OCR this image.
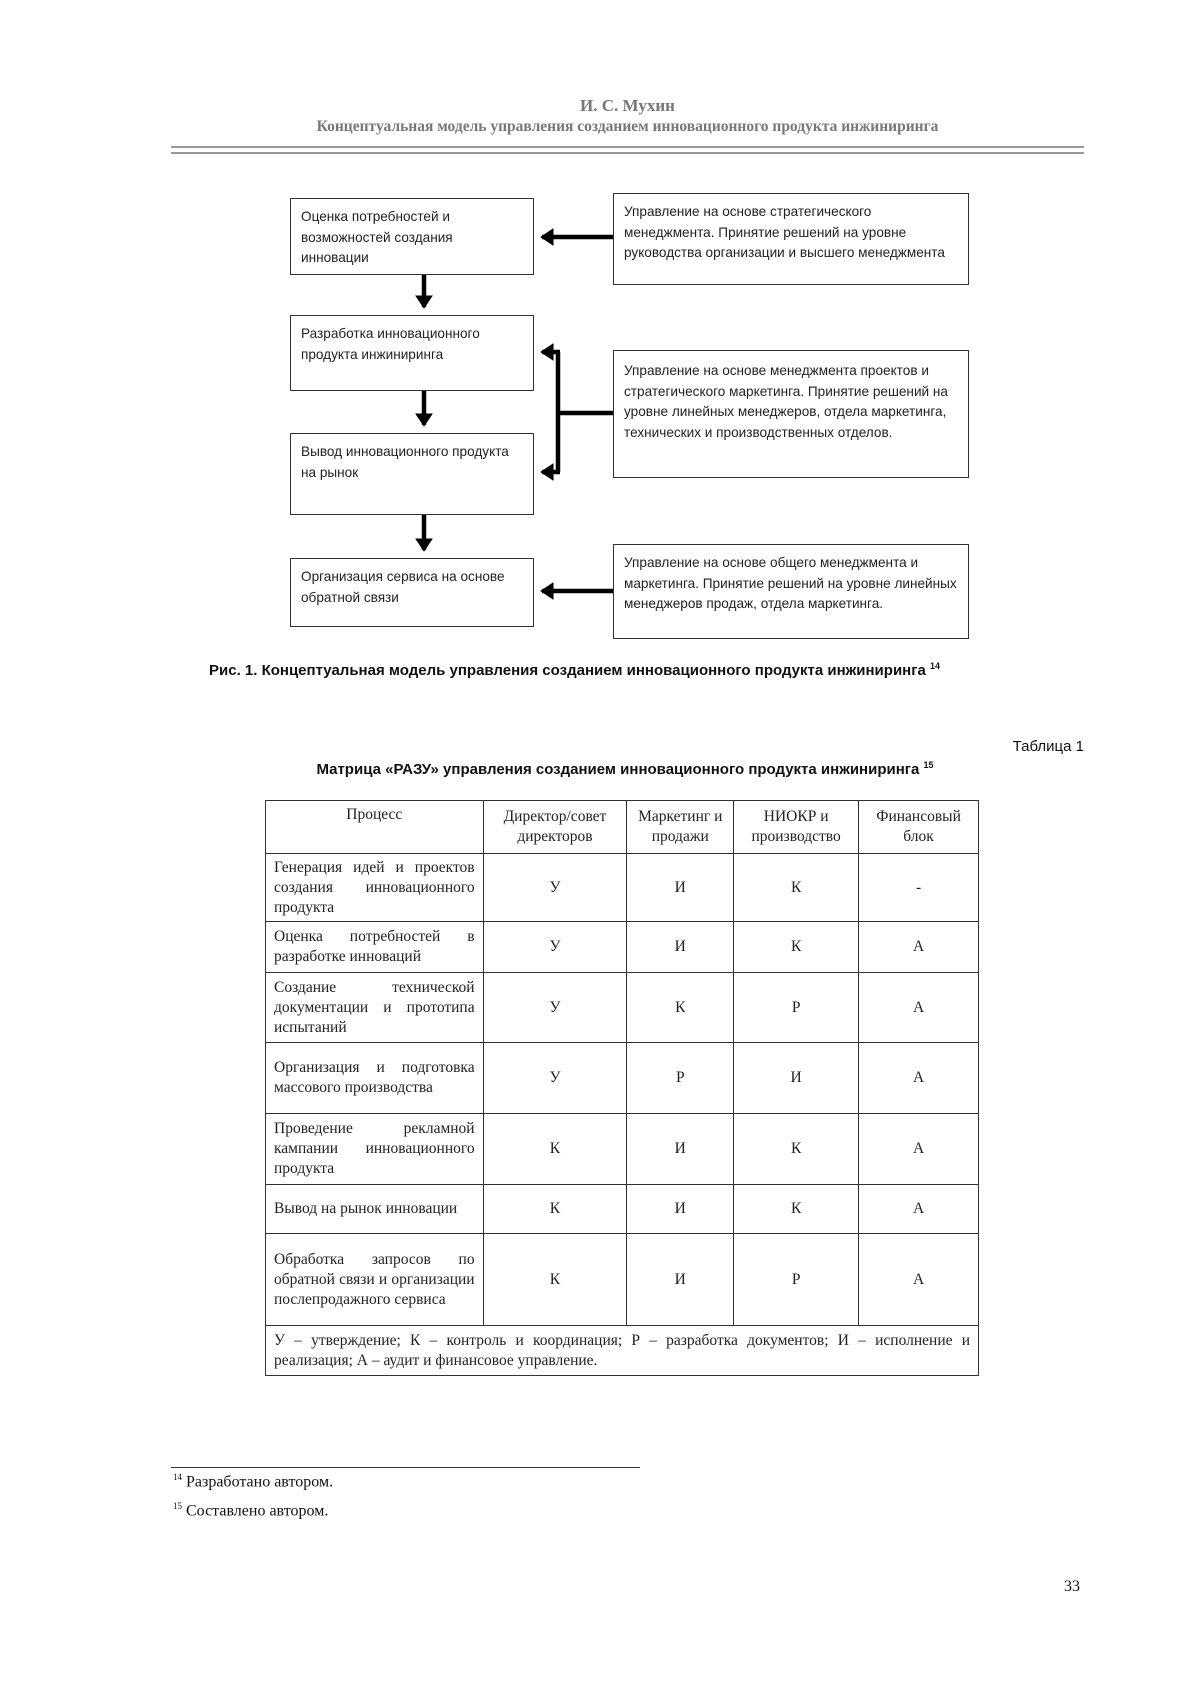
И. С. Мухин
Концептуальная модель управления созданием инновационного продукта инжиниринга
Оценка потребностей и возможностей создания инновации
Разработка инновационного продукта инжиниринга
Вывод инновационного продукта на рынок
Организация сервиса на основе обратной связи
Управление на основе стратегического менеджмента. Принятие решений на уровне руководства организации и высшего менеджмента
Управление на основе менеджмента проектов и стратегического маркетинга. Принятие решений на уровне линейных менеджеров, отдела маркетинга, технических и производственных отделов.
Управление на основе общего менеджмента и маркетинга. Принятие решений на уровне линейных менеджеров продаж, отдела маркетинга.
Рис. 1. Концептуальная модель управления созданием инновационного продукта инжиниринга $^{14}$
Таблица 1
Матрица «РАЗУ» управления созданием инновационного продукта инжиниринга $^{15}$
Процесс	Директор/совет директоров	Маркетинг и продажи	НИОКР и производство	Финансовый блок
Генерация идей и проектов создания инновационного продукта	У	И	К	-
Оценка потребностей в разработке инноваций	У	И	К	А
Создание технической документации и прототипа испытаний	У	К	Р	А
Организация и подготовка массового производства	У	Р	И	А
Проведение рекламной кампании инновационного продукта	К	И	К	А
Вывод на рынок инновации	К	И	К	А
Обработка запросов по обратной связи и организации послепродажного сервиса	К	И	Р	А
У – утверждение; К – контроль и координация; Р – разработка документов; И – исполнение и реализация; А – аудит и финансовое управление.				
$^{14}$ Разработано автором.
$^{15}$ Составлено автором.
33
